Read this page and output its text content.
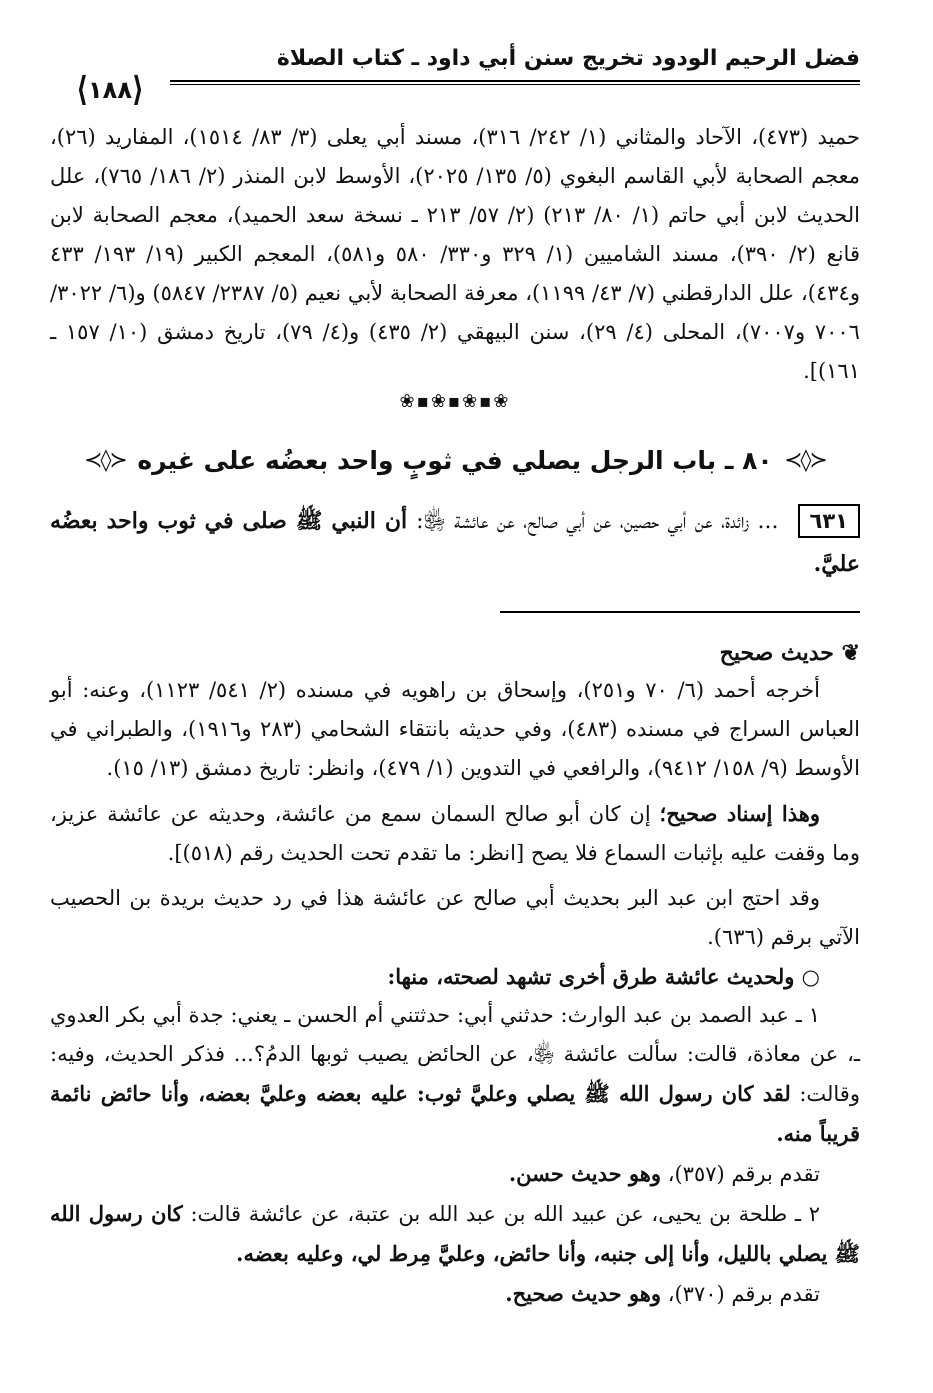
فضل الرحيم الودود تخريج سنن أبي داود ـ كتاب الصلاة
⟨١٨٨⟩

حميد (٤٧٣)، الآحاد والمثاني (١/ ٢٤٢/ ٣١٦)، مسند أبي يعلى (٣/ ٨٣/ ١٥١٤)، المفاريد (٢٦)، معجم الصحابة لأبي القاسم البغوي (٥/ ١٣٥/ ٢٠٢٥)، الأوسط لابن المنذر (٢/ ١٨٦/ ٧٦٥)، علل الحديث لابن أبي حاتم (١/ ٨٠/ ٢١٣) (٢/ ٥٧/ ٢١٣ ـ نسخة سعد الحميد)، معجم الصحابة لابن قانع (٢/ ٣٩٠)، مسند الشاميين (١/ ٣٢٩ و٣٣٠/ ٥٨٠ و٥٨١)، المعجم الكبير (١٩/ ١٩٣/ ٤٣٣ و٤٣٤)، علل الدارقطني (٧/ ٤٣/ ١١٩٩)، معرفة الصحابة لأبي نعيم (٥/ ٢٣٨٧/ ٥٨٤٧) و(٦/ ٣٠٢٢/ ٧٠٠٦ و٧٠٠٧)، المحلى (٤/ ٢٩)، سنن البيهقي (٢/ ٤٣٥) و(٤/ ٧٩)، تاريخ دمشق (١٠/ ١٥٧ ـ ١٦١)].

❀▪❀▪❀▪❀
≺◊≻
٨٠ ـ باب الرجل يصلي في ثوبٍ واحد بعضُه على غيره
≺◊≻
٦٣١ ... زائدة، عن أبي حصين، عن أبي صالح، عن عائشة ﵂: أن النبي ﷺ صلى في ثوب واحد بعضُه عليَّ.

❦ حديث صحيح

أخرجه أحمد (٦/ ٧٠ و٢٥١)، وإسحاق بن راهويه في مسنده (٢/ ٥٤١/ ١١٢٣)، وعنه: أبو العباس السراج في مسنده (٤٨٣)، وفي حديثه بانتقاء الشحامي (٢٨٣ و١٩١٦)، والطبراني في الأوسط (٩/ ١٥٨/ ٩٤١٢)، والرافعي في التدوين (١/ ٤٧٩)، وانظر: تاريخ دمشق (١٣/ ١٥).

وهذا إسناد صحيح؛ إن كان أبو صالح السمان سمع من عائشة، وحديثه عن عائشة عزيز، وما وقفت عليه بإثبات السماع فلا يصح [انظر: ما تقدم تحت الحديث رقم (٥١٨)].

وقد احتج ابن عبد البر بحديث أبي صالح عن عائشة هذا في رد حديث بريدة بن الحصيب الآتي برقم (٦٣٦).

○ ولحديث عائشة طرق أخرى تشهد لصحته، منها:

١ ـ عبد الصمد بن عبد الوارث: حدثني أبي: حدثتني أم الحسن ـ يعني: جدة أبي بكر العدوي ـ، عن معاذة، قالت: سألت عائشة ﵂، عن الحائض يصيب ثوبها الدمُ؟... فذكر الحديث، وفيه: وقالت: لقد كان رسول الله ﷺ يصلي وعليَّ ثوب: عليه بعضه وعليَّ بعضه، وأنا حائض نائمة قريباً منه.

تقدم برقم (٣٥٧)، وهو حديث حسن.

٢ ـ طلحة بن يحيى، عن عبيد الله بن عبد الله بن عتبة، عن عائشة قالت: كان رسول الله ﷺ يصلي بالليل، وأنا إلى جنبه، وأنا حائض، وعليَّ مِرط لي، وعليه بعضه.

تقدم برقم (٣٧٠)، وهو حديث صحيح.
